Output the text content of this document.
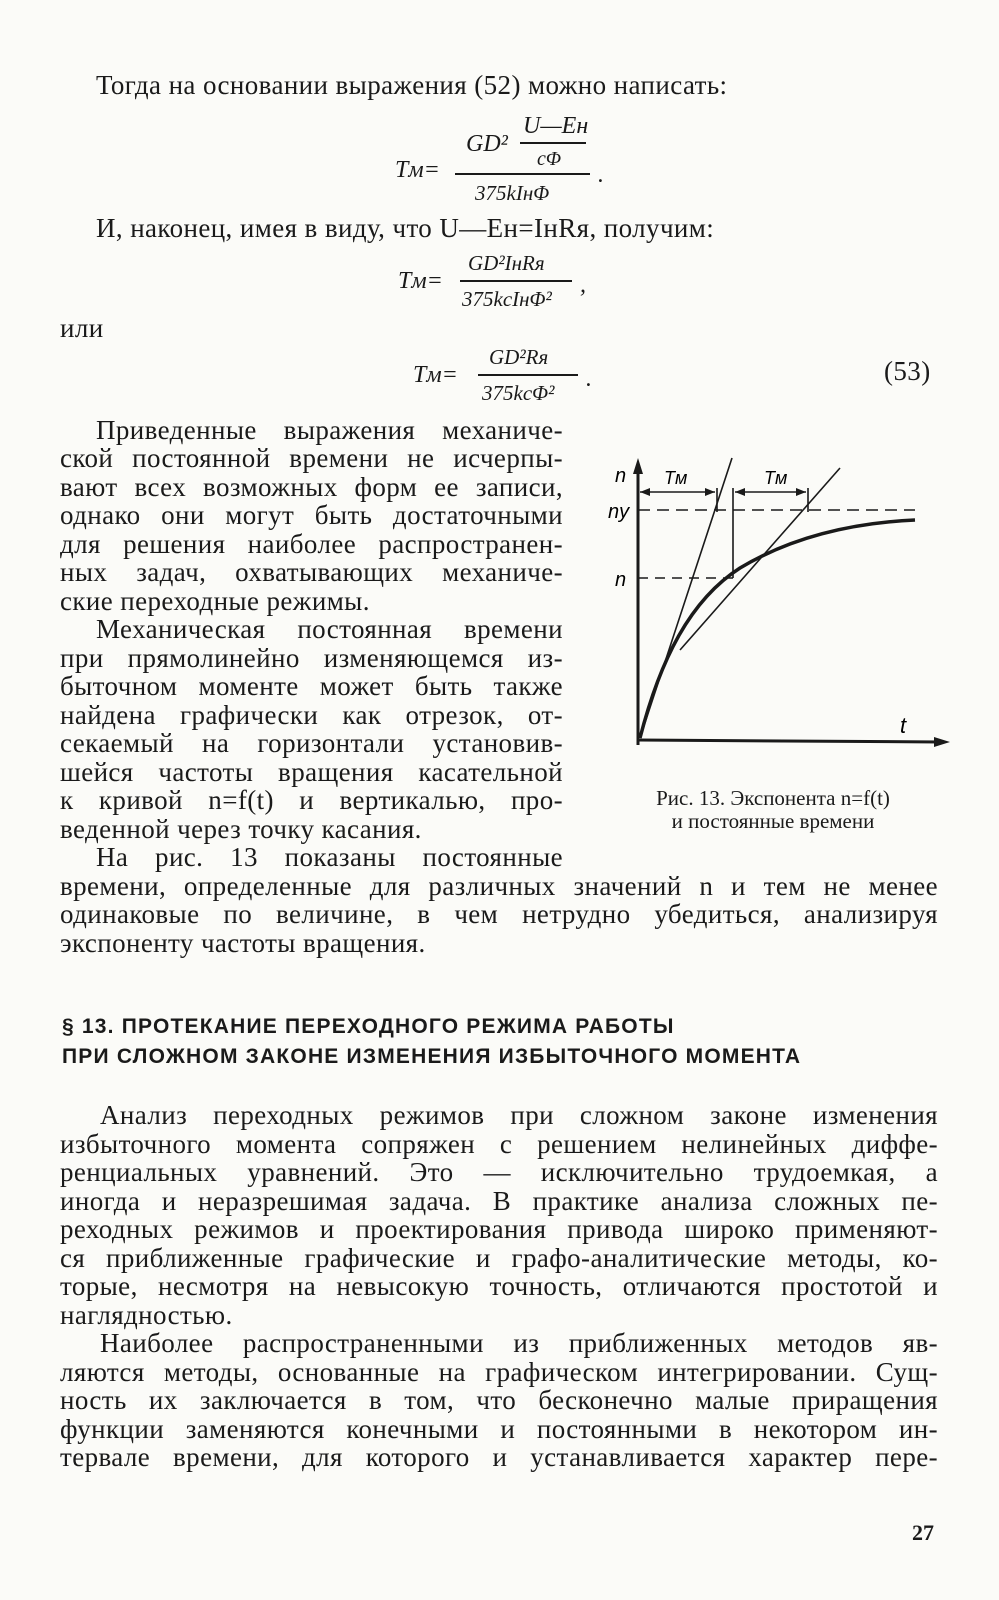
Тогда на основании выражения (52) можно написать:
Tм=
GD²
U—Eн
cΦ
375kIнΦ
.
И, наконец, имея в виду, что U—Eн=IнRя, получим:
Tм=
GD²IнRя
375kcIнΦ²
,
или
Tм=
GD²Rя
375kcΦ²
.	(53)
Приведенные выражения механиче-
ской постоянной времени не исчерпы-
вают всех возможных форм ее записи,
однако они могут быть достаточными
для решения наиболее распространен-
ных задач, охватывающих механиче-
ские переходные режимы.
Механическая постоянная времени
при прямолинейно изменяющемся из-
быточном моменте может быть также
найдена графически как отрезок, от-
секаемый на горизонтали установив-
шейся частоты вращения касательной
к кривой n=f(t) и вертикалью, про-
веденной через точку касания.
На рис. 13 показаны постоянные
n
nу
n
t
Tм	Tм
Рис. 13. Экспонента n=f(t)
и постоянные времени
времени, определенные для различных значений n и тем не менее
одинаковые по величине, в чем нетрудно убедиться, анализируя
экспоненту частоты вращения.
§ 13. ПРОТЕКАНИЕ ПЕРЕХОДНОГО РЕЖИМА РАБОТЫ
ПРИ СЛОЖНОМ ЗАКОНЕ ИЗМЕНЕНИЯ ИЗБЫТОЧНОГО МОМЕНТА
Анализ переходных режимов при сложном законе изменения
избыточного момента сопряжен с решением нелинейных диффе-
ренциальных уравнений. Это — исключительно трудоемкая, а
иногда и неразрешимая задача. В практике анализа сложных пе-
реходных режимов и проектирования привода широко применяют-
ся приближенные графические и графо-аналитические методы, ко-
торые, несмотря на невысокую точность, отличаются простотой и
наглядностью.
Наиболее распространенными из приближенных методов яв-
ляются методы, основанные на графическом интегрировании. Сущ-
ность их заключается в том, что бесконечно малые приращения
функции заменяются конечными и постоянными в некотором ин-
тервале времени, для которого и устанавливается характер пере-
27
